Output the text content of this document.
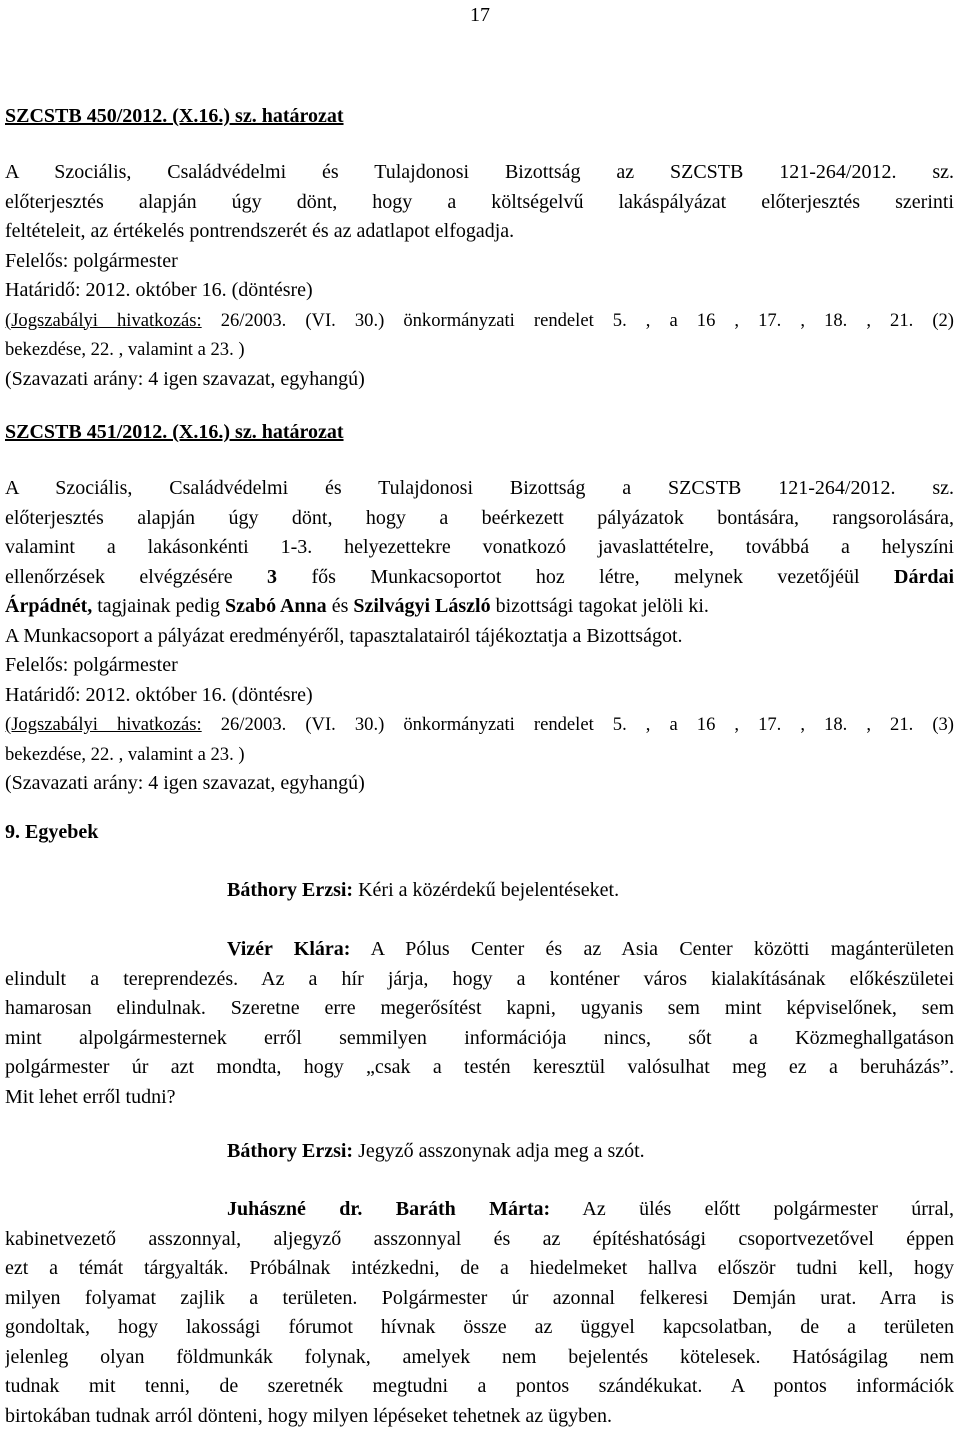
17
SZCSTB 450/2012. (X.16.) sz. határozat
A Szociális, Családvédelmi és Tulajdonosi Bizottság az SZCSTB 121-264/2012. sz.
előterjesztés alapján úgy dönt, hogy a költségelvű lakáspályázat előterjesztés szerinti
feltételeit, az értékelés pontrendszerét és az adatlapot elfogadja.
Felelős: polgármester
Határidő: 2012. október 16. (döntésre)
(Jogszabályi hivatkozás: 26/2003. (VI. 30.) önkormányzati rendelet 5. , a 16 , 17. , 18. , 21. (2)
bekezdése, 22. , valamint a 23. )
(Szavazati arány: 4 igen szavazat, egyhangú)
SZCSTB 451/2012. (X.16.) sz. határozat
A Szociális, Családvédelmi és Tulajdonosi Bizottság a SZCSTB 121-264/2012. sz.
előterjesztés alapján úgy dönt, hogy a beérkezett pályázatok bontására, rangsorolására,
valamint a lakásonkénti 1-3. helyezettekre vonatkozó javaslattételre, továbbá a helyszíni
ellenőrzések elvégzésére 3 fős Munkacsoportot hoz létre, melynek vezetőjéül Dárdai
Árpádnét, tagjainak pedig Szabó Anna és Szilvágyi László bizottsági tagokat jelöli ki.
A Munkacsoport a pályázat eredményéről, tapasztalatairól tájékoztatja a Bizottságot.
Felelős: polgármester
Határidő: 2012. október 16. (döntésre)
(Jogszabályi hivatkozás: 26/2003. (VI. 30.) önkormányzati rendelet 5. , a 16 , 17. , 18. , 21. (3)
bekezdése, 22. , valamint a 23. )
(Szavazati arány: 4 igen szavazat, egyhangú)
9. Egyebek
Báthory Erzsi: Kéri a közérdekű bejelentéseket.
Vizér Klára: A Pólus Center és az Asia Center közötti magánterületen
elindult a tereprendezés. Az a hír járja, hogy a konténer város kialakításának előkészületei
hamarosan elindulnak. Szeretne erre megerősítést kapni, ugyanis sem mint képviselőnek, sem
mint alpolgármesternek erről semmilyen információja nincs, sőt a Közmeghallgatáson
polgármester úr azt mondta, hogy „csak a testén keresztül valósulhat meg ez a beruházás”.
Mit lehet erről tudni?
Báthory Erzsi: Jegyző asszonynak adja meg a szót.
Juhászné dr. Baráth Márta: Az ülés előtt polgármester úrral,
kabinetvezető asszonnyal, aljegyző asszonnyal és az építéshatósági csoportvezetővel éppen
ezt a témát tárgyalták. Próbálnak intézkedni, de a hiedelmeket hallva először tudni kell, hogy
milyen folyamat zajlik a területen. Polgármester úr azonnal felkeresi Demján urat. Arra is
gondoltak, hogy lakossági fórumot hívnak össze az üggyel kapcsolatban, de a területen
jelenleg olyan földmunkák folynak, amelyek nem bejelentés kötelesek. Hatóságilag nem
tudnak mit tenni, de szeretnék megtudni a pontos szándékukat. A pontos információk
birtokában tudnak arról dönteni, hogy milyen lépéseket tehetnek az ügyben.
